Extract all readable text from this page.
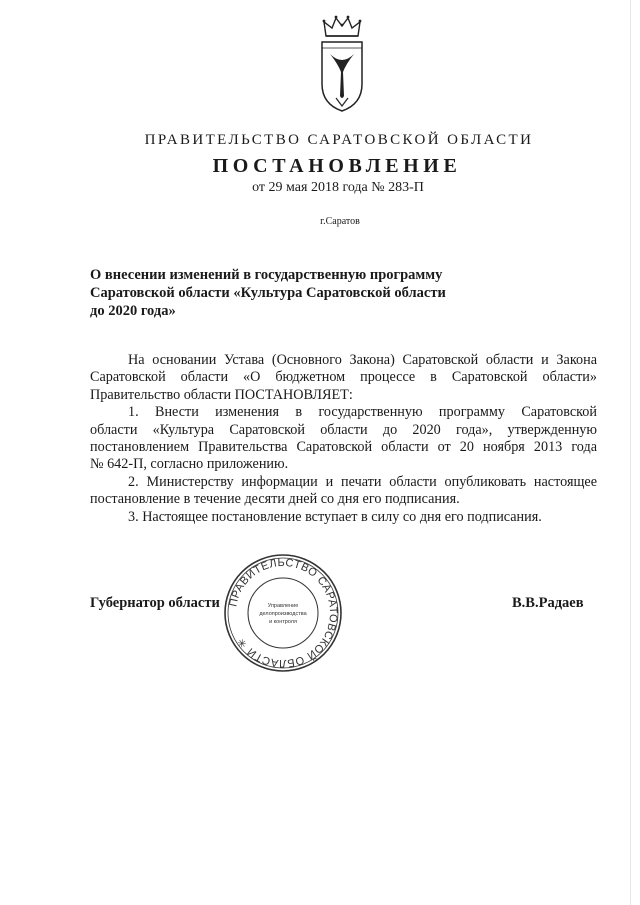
ПРАВИТЕЛЬСТВО САРАТОВСКОЙ ОБЛАСТИ
ПОСТАНОВЛЕНИЕ
от 29 мая 2018 года № 283-П
г.Саратов
О внесении изменений в государственную программу
Саратовской области «Культура Саратовской области
до 2020 года»
На основании Устава (Основного Закона) Саратовской области и Закона
Саратовской области «О бюджетном процессе в Саратовской области»
Правительство области ПОСТАНОВЛЯЕТ:
1. Внести изменения в государственную программу Саратовской
области «Культура Саратовской области до 2020 года», утвержденную
постановлением Правительства Саратовской области от 20 ноября 2013 года
№ 642-П, согласно приложению.
2. Министерству информации и печати области опубликовать настоящее
постановление в течение десяти дней со дня его подписания.
3. Настоящее постановление вступает в силу со дня его подписания.
Губернатор области	В.В.Радаев
ПРАВИТЕЛЬСТВО САРАТОВСКОЙ ОБЛАСТИ ✳
Управление
делопроизводства
и контроля
